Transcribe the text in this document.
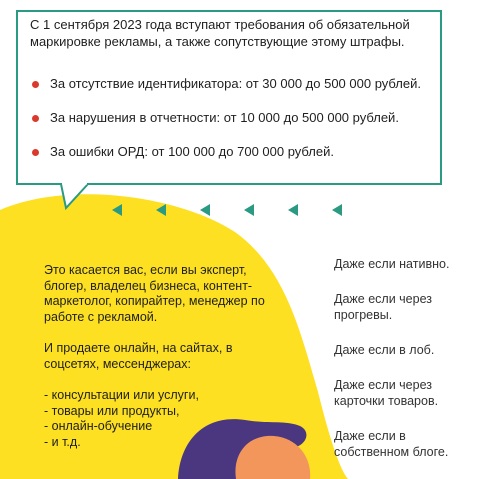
С 1 сентября 2023 года вступают требования об обязательной маркировке рекламы, а также сопутствующие этому штрафы.

За отсутствие идентификатора: от 30 000 до 500 000 рублей.
За нарушения в отчетности: от 10 000 до 500 000 рублей.
За ошибки ОРД: от 100 000 до 700 000 рублей.

Это касается вас, если вы эксперт, блогер, владелец бизнеса, контент-маркетолог, копирайтер, менеджер по работе с рекламой.

И продаете онлайн, на сайтах, в соцсетях, мессенджерах:

- консультации или услуги,
- товары или продукты,
- онлайн-обучение
- и т.д.
Даже если нативно.
Даже если через прогревы.
Даже если в лоб.
Даже если через карточки товаров.
Даже если в собственном блоге.
